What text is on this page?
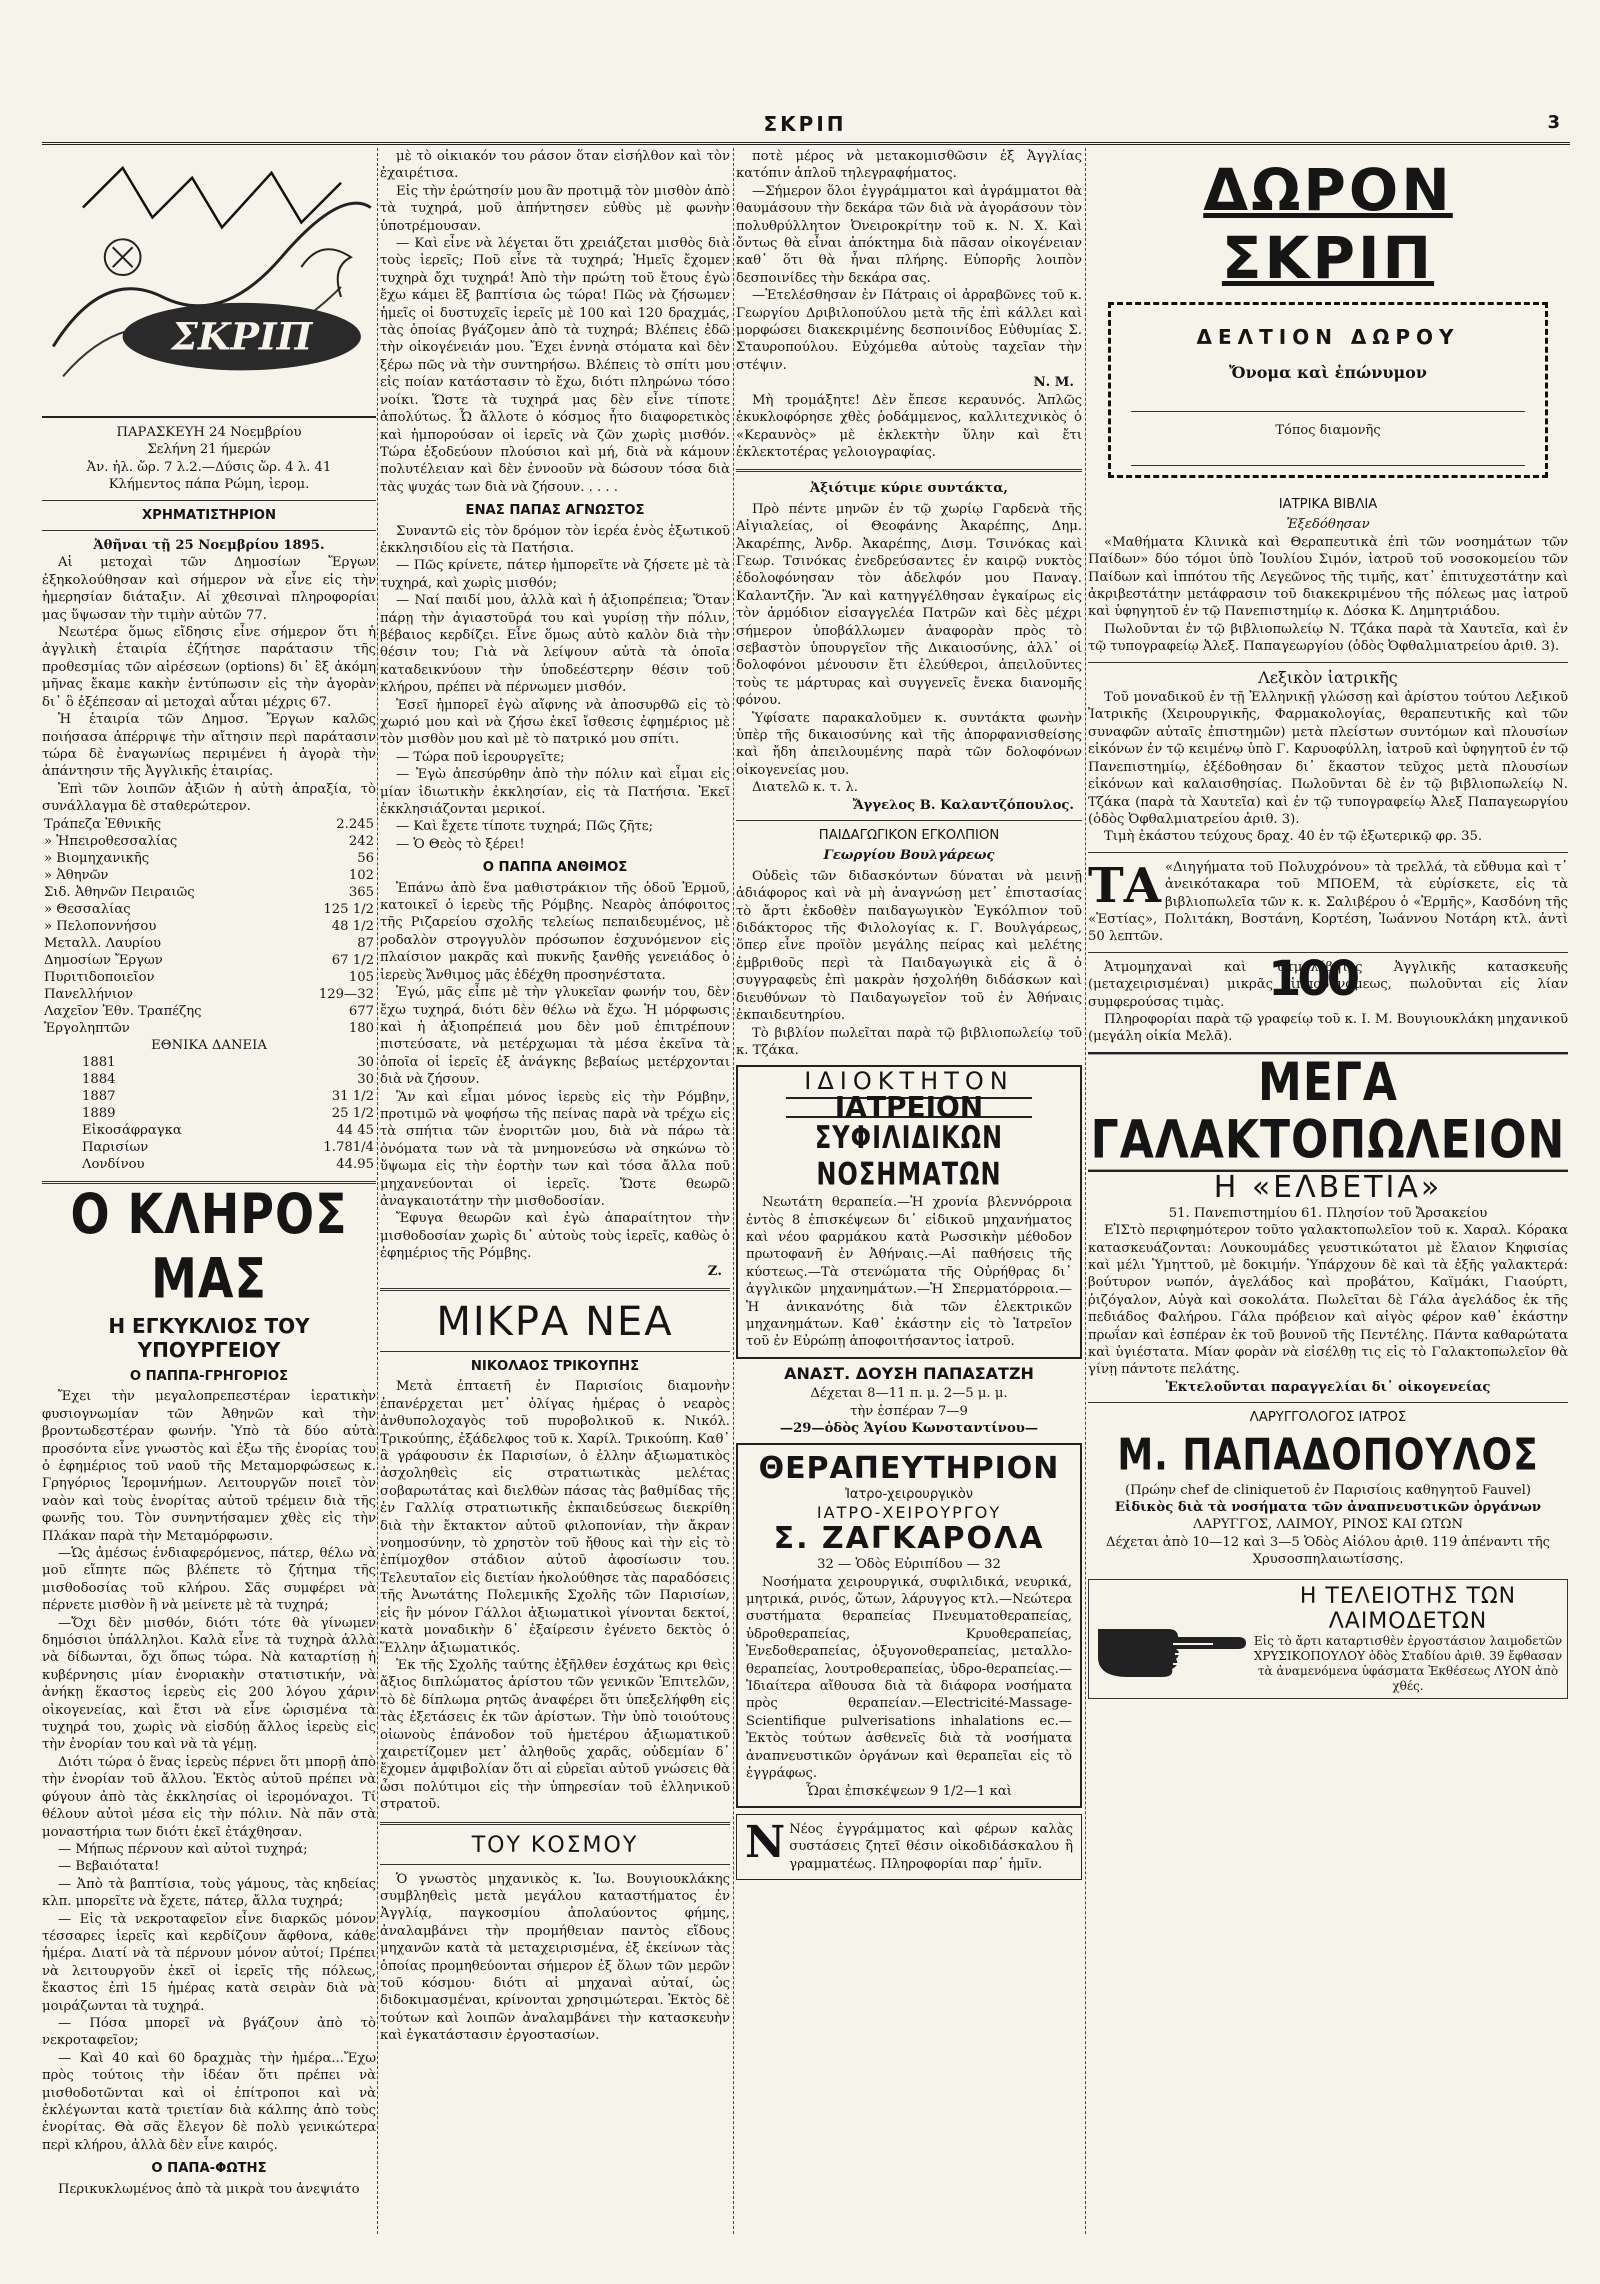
ΣΚΡΙΠ	3
ΣΚΡΙΠ

ΠΑΡΑΣΚΕΥΗ 24 Νοεμβρίου

Σελήνη 21 ήμερών

Ἀν. ἡλ. ὥρ. 7 λ.2.—Δύσις ὥρ. 4 λ. 41

Κλήμεντος πάπα Ρώμη, ἱερομ.

ΧΡΗΜΑΤΙΣΤΗΡΙΟΝ

Ἀθῆναι τῇ 25 Νοεμβρίου 1895.

Αἱ μετοχαὶ τῶν Δημοσίων Ἔργων ἐξηκολούθησαν καὶ σήμερον νὰ εἶνε εἰς τὴν ἡμερησίαν διάταξιν. Αἱ χθεσιναὶ πληροφορίαι μας ὕψωσαν τὴν τιμὴν αὐτῶν 77.

Νεωτέρα ὅμως εἴδησις εἶνε σήμερον ὅτι ἡ ἀγγλικὴ ἑταιρία ἐζήτησε παράτασιν τῆς προθεσμίας τῶν αἱρέσεων (options) δι᾽ ἓξ ἀκόμη μῆνας ἔκαμε κακὴν ἐντύπωσιν εἰς τὴν ἀγορὰν δι᾽ ὃ ἐξέπεσαν αἱ μετοχαὶ αὗται μέχρις 67.

Ἡ ἑταιρία τῶν Δημοσ. Ἔργων καλῶς ποιήσασα ἀπέρριψε τὴν αἴτησιν περὶ παράτασιν τώρα δὲ ἐναγωνίως περιμένει ἡ ἀγορὰ τὴν ἀπάντησιν τῆς Ἀγγλικῆς ἑταιρίας.

Ἐπὶ τῶν λοιπῶν ἀξιῶν ἡ αὐτὴ ἀπραξία, τὸ συνάλλαγμα δὲ σταθερώτερον.

Τράπεζα Ἐθνικῆς	2.245
» Ἠπειροθεσσαλίας	242
» Βιομηχανικῆς	56
» Ἀθηνῶν	102
Σιδ. Ἀθηνῶν Πειραιῶς	365
» Θεσσαλίας	125 1/2
» Πελοποννήσου	48 1/2
Μεταλλ. Λαυρίου	87
Δημοσίων Ἔργων	67 1/2
Πυριτιδοποιεῖον	105
Πανελλήνιον	129—32
Λαχεῖον Ἐθν. Τραπέζης	677
Ἐργοληπτῶν	180

ΕΘΝΙΚΑ ΔΑΝΕΙΑ

1881	30
1884	30
1887	31 1/2
1889	25 1/2
Εἰκοσάφραγκα	44 45
Παρισίων	1.781/4
Λονδίνου	44.95
Ο ΚΛΗΡΟΣ ΜΑΣ
Η ΕΓΚΥΚΛΙΟΣ ΤΟΥ ΥΠΟΥΡΓΕΙΟΥ

Ο ΠΑΠΠΑ-ΓΡΗΓΟΡΙΟΣ

Ἔχει τὴν μεγαλοπρεπεστέραν ἱερατικὴν φυσιογνωμίαν τῶν Ἀθηνῶν καὶ τὴν βροντωδεστέραν φωνήν. Ὑπὸ τὰ δύο αὐτὰ προσόντα εἶνε γνωστὸς καὶ ἐξω τῆς ἐνορίας του ὁ ἐφημέριος τοῦ ναοῦ τῆς Μεταμορφώσεως κ. Γρηγόριος Ἱερομνήμων. Λειτουργῶν ποιεῖ τὸν ναὸν καὶ τοὺς ἐνορίτας αὐτοῦ τρέμειν διὰ τῆς φωνῆς του. Τὸν συνηντήσαμεν χθὲς εἰς τὴν Πλάκαν παρὰ τὴν Μεταμόρφωσιν.

—Ὡς ἀμέσως ἐνδιαφερόμενος, πάτερ, θέλω νὰ μοῦ εἴπητε πῶς βλέπετε τὸ ζήτημα τῆς μισθοδοσίας τοῦ κλήρου. Σᾶς συμφέρει νὰ πέρνετε μισθὸν ἢ νὰ μείνετε μὲ τὰ τυχηρά;

—Ὄχι δὲν μισθόν, διότι τότε θὰ γίνωμεν δημόσιοι ὑπάλληλοι. Καλὰ εἶνε τὰ τυχηρὰ ἀλλὰ νὰ δίδωνται, ὄχι ὅπως τώρα. Νὰ καταρτίσῃ ἡ κυβέρνησις μίαν ἐνοριακὴν στατιστικήν, νὰ ἀνήκῃ ἕκαστος ἱερεὺς εἰς 200 λόγου χάριν οἰκογενείας, καὶ ἔτσι νὰ εἶνε ὡρισμένα τὰ τυχηρά του, χωρὶς νὰ εἰσδύῃ ἄλλος ἱερεὺς εἰς τὴν ἐνορίαν του καὶ νὰ τὰ γέμῃ.

Διότι τώρα ὁ ἕνας ἱερεὺς πέρνει ὅτι μπορῇ ἀπὸ τὴν ἐνορίαν τοῦ ἄλλου. Ἐκτὸς αὐτοῦ πρέπει νὰ φύγουν ἀπὸ τὰς ἐκκλησίας οἱ ἱερομόναχοι. Τί θέλουν αὐτοὶ μέσα εἰς τὴν πόλιν. Νὰ πᾶν στὰ μοναστήρια των διότι ἐκεῖ ἐτάχθησαν.

— Μήπως πέρνουν καὶ αὐτοὶ τυχηρά;

— Βεβαιότατα!

— Ἀπὸ τὰ βαπτίσια, τοὺς γάμους, τὰς κηδείας κλπ. μπορεῖτε νὰ ἔχετε, πάτερ, ἄλλα τυχηρά;

— Εἰς τὰ νεκροταφεῖον εἶνε διαρκῶς μόνον τέσσαρες ἱερεῖς καὶ κερδίζουν ἄφθονα, κάθε ἡμέρα. Διατί νὰ τὰ πέρνουν μόνον αὐτοί; Πρέπει νὰ λειτουργοῦν ἐκεῖ οἱ ἱερεῖς τῆς πόλεως, ἕκαστος ἐπὶ 15 ἡμέρας κατὰ σειρὰν διὰ νὰ μοιράζωνται τὰ τυχηρά.

— Πόσα μπορεῖ νὰ βγάζουν ἀπὸ τὸ νεκροταφεῖον;

— Καὶ 40 καὶ 60 δραχμὰς τὴν ἡμέρα...Ἔχω πρὸς τούτοις τὴν ἰδέαν ὅτι πρέπει νὰ μισθοδοτῶνται καὶ οἱ ἐπίτροποι καὶ νὰ ἐκλέγωνται κατὰ τριετίαν διὰ κάλπης ἀπὸ τοὺς ἐνορίτας. Θὰ σᾶς ἔλεγον δὲ πολὺ γενικώτερα περὶ κλήρου, ἀλλὰ δὲν εἶνε καιρός.

Ο ΠΑΠΑ-ΦΩΤΗΣ

Περικυκλωμένος ἀπὸ τὰ μικρὰ του ἀνεψιάτο

μὲ τὸ οἰκιακόν του ράσον ὅταν εἰσήλθον καὶ τὸν ἐχαιρέτισα.

Εἰς τὴν ἐρώτησίν μου ἂν προτιμᾷ τὸν μισθὸν ἀπὸ τὰ τυχηρά, μοῦ ἀπήντησεν εὐθὺς μὲ φωνὴν ὑποτρέμουσαν.

— Καὶ εἶνε νὰ λέγεται ὅτι χρειάζεται μισθὸς διὰ τοὺς ἱερεῖς; Ποῦ εἶνε τὰ τυχηρά; Ἡμεῖς ἔχομεν τυχηρὰ ὄχι τυχηρά! Ἀπὸ τὴν πρώτη τοῦ ἔτους ἐγὼ ἔχω κάμει ἓξ βαπτίσια ὡς τώρα! Πῶς νὰ ζήσωμεν ἡμεῖς οἱ δυστυχεῖς ἱερεῖς μὲ 100 καὶ 120 δραχμάς, τὰς ὁποίας βγάζομεν ἀπὸ τὰ τυχηρά; Βλέπεις ἐδῶ τὴν οἰκογένειάν μου. Ἔχει ἐννηὰ στόματα καὶ δὲν ξέρω πῶς νὰ τὴν συντηρήσω. Βλέπεις τὸ σπίτι μου εἰς ποίαν κατάστασιν τὸ ἔχω, διότι πληρώνω τόσο νοίκι. Ὥστε τὰ τυχηρά μας δὲν εἶνε τίποτε ἀπολύτως. Ὦ ἄλλοτε ὁ κόσμος ἦτο διαφορετικὸς καὶ ἡμπορούσαν οἱ ἱερεῖς νὰ ζῶν χωρὶς μισθόν. Τώρα ἐξοδεύουν πλούσιοι καὶ μή, διὰ νὰ κάμουν πολυτέλειαν καὶ δὲν ἐννοοῦν νὰ δώσουν τόσα διὰ τὰς ψυχάς των διὰ νὰ ζήσουν. . . . .

ΕΝΑΣ ΠΑΠΑΣ ΑΓΝΩΣΤΟΣ

Συναντῶ εἰς τὸν δρόμον τὸν ἱερέα ἑνὸς ἐξωτικοῦ ἐκκλησιδίου εἰς τὰ Πατήσια.

— Πῶς κρίνετε, πάτερ ἡμπορεῖτε νὰ ζήσετε μὲ τὰ τυχηρά, καὶ χωρὶς μισθόν;

— Ναί παιδί μου, ἀλλὰ καὶ ἡ ἀξιοπρέπεια; Ὅταν πάρῃ τὴν ἀγιαστοῦρά του καὶ γυρίσῃ τὴν πόλιν, βέβαιος κερδίζει. Εἶνε ὅμως αὐτὸ καλὸν διὰ τὴν θέσιν του; Γιὰ νὰ λείψουν αὐτὰ τὰ ὁποῖα καταδεικνύουν τὴν ὑποδεέστερην θέσιν τοῦ κλήρου, πρέπει νὰ πέρνωμεν μισθόν.

Ἐσεῖ ἡμπορεῖ ἐγὼ αἴφνης νὰ ἀποσυρθῶ εἰς τὸ χωριό μου καὶ νὰ ζήσω ἐκεῖ ἴσθεσις ἐφημέριος μὲ τὸν μισθὸν μου καὶ μὲ τὸ πατρικό μου σπίτι.

— Τώρα ποῦ ἱερουργεῖτε;

— Ἐγὼ ἀπεσύρθην ἀπὸ τὴν πόλιν καὶ εἶμαι εἰς μίαν ἰδιωτικὴν ἐκκλησίαν, εἰς τὰ Πατήσια. Ἐκεῖ ἐκκλησιάζονται μερικοί.

— Καὶ ἔχετε τίποτε τυχηρά; Πῶς ζῆτε;

— Ὁ Θεὸς τὸ ξέρει!

Ο ΠΑΠΠΑ ΑΝΘΙΜΟΣ

Ἐπάνω ἀπὸ ἕνα μαθιστράκιον τῆς ὁδοῦ Ἑρμοῦ, κατοικεῖ ὁ ἱερεὺς τῆς Ρόμβης. Νεαρὸς ἀπόφοιτος τῆς Ριζαρείου σχολῆς τελείως πεπαιδευμένος, μὲ ροδαλὸν στρογγυλὸν πρόσωπον ἐσχυνόμενον εἰς πλαίσιον μακρᾶς καὶ πυκνῆς ξανθῆς γενειάδος ὁ ἱερεὺς Ἄνθιμος μᾶς ἐδέχθη προσηνέστατα.

Ἐγώ, μᾶς εἶπε μὲ τὴν γλυκεῖαν φωνήν του, δὲν ἔχω τυχηρά, διότι δὲν θέλω νὰ ἔχω. Ἡ μόρφωσις καὶ ἡ ἀξιοπρέπειά μου δὲν μοῦ ἐπιτρέπουν πιστεύσατε, νὰ μετέρχωμαι τὰ μέσα ἐκεῖνα τὰ ὁποῖα οἱ ἱερεῖς ἐξ ἀνάγκης βεβαίως μετέρχονται διὰ νὰ ζήσουν.

Ἂν καὶ εἶμαι μόνος ἱερεὺς εἰς τὴν Ρόμβην, προτιμῶ νὰ ψοφήσω τῆς πείνας παρὰ νὰ τρέχω εἰς τὰ σπήτια τῶν ἐνοριτῶν μου, διὰ νὰ πάρω τὰ ὀνόματα των νὰ τὰ μνημονεύσω νὰ σηκώνω τὸ ὕψωμα εἰς τὴν ἑορτὴν των καὶ τόσα ἄλλα ποῦ μηχανεύονται οἱ ἱερεῖς. Ὥστε θεωρῶ ἀναγκαιοτάτην τὴν μισθοδοσίαν.

Ἔφυγα θεωρῶν καὶ ἐγὼ ἀπαραίτητον τὴν μισθοδοσίαν χωρὶς δι᾽ αὐτοὺς τοὺς ἱερεῖς, καθὼς ὁ ἐφημέριος τῆς Ρόμβης.

Ζ.

ΜΙΚΡΑ ΝΕΑ

ΝΙΚΟΛΑΟΣ ΤΡΙΚΟΥΠΗΣ

Μετὰ ἐπταετῆ ἐν Παρισίοις διαμονὴν ἐπανέρχεται μετ᾽ ὀλίγας ἡμέρας ὁ νεαρὸς ἀνθυπολοχαγὸς τοῦ πυροβολικοῦ κ. Νικόλ. Τρικούπης, ἐξάδελφος τοῦ κ. Χαρίλ. Τρικούπη. Καθ᾽ ἃ γράφουσιν ἐκ Παρισίων, ὁ ἐλλην ἀξιωματικὸς ἀσχοληθεὶς εἰς στρατιωτικὰς μελέτας σοβαρωτάτας καὶ διελθὼν πάσας τὰς βαθμίδας τῆς ἐν Γαλλίᾳ στρατιωτικῆς ἐκπαιδεύσεως διεκρίθη διὰ τὴν ἔκτακτον αὐτοῦ φιλοπονίαν, τὴν ἄκραν νοημοσύνην, τὸ χρηστὸν τοῦ ἤθους καὶ τὴν εἰς τὸ ἐπίμοχθον στάδιον αὐτοῦ ἀφοσίωσιν του. Τελευταῖον εἰς διετίαν ἠκολούθησε τὰς παραδόσεις τῆς Ἀνωτάτης Πολεμικῆς Σχολῆς τῶν Παρισίων, εἰς ἣν μόνον Γάλλοι ἀξιωματικοὶ γίνονται δεκτοί, κατὰ μοναδικὴν δ᾽ ἐξαίρεσιν ἐγένετο δεκτὸς ὁ Ἕλλην ἀξιωματικός.

Ἐκ τῆς Σχολῆς ταύτης ἐξῆλθεν ἐσχάτως κρι θεὶς ἄξιος διπλώματος ἀρίστου τῶν γενικῶν Ἐπιτελῶν, τὸ δὲ δίπλωμα ρητῶς ἀναφέρει ὅτι ὑπεξελήφθη εἰς τὰς ἐξετάσεις ἐκ τῶν ἀρίστων. Τὴν ὑπὸ τοιούτους οἰωνοὺς ἐπάνοδον τοῦ ἡμετέρου ἀξιωματικοῦ χαιρετίζομεν μετ᾽ ἀληθοῦς χαρᾶς, οὐδεμίαν δ᾽ ἔχομεν ἀμφιβολίαν ὅτι αἱ εὐρεῖαι αὐτοῦ γνώσεις θὰ ὦσι πολύτιμοι εἰς τὴν ὑπηρεσίαν τοῦ ἑλληνικοῦ στρατοῦ.

ΤΟΥ ΚΟΣΜΟΥ

Ὁ γνωστὸς μηχανικὸς κ. Ἰω. Βουγιουκλάκης συμβληθεὶς μετὰ μεγάλου καταστήματος ἐν Ἀγγλίᾳ, παγκοσμίου ἀπολαύοντος φήμης, ἀναλαμβάνει τὴν προμήθειαν παντὸς εἴδους μηχανῶν κατὰ τὰ μεταχειρισμένα, ἐξ ἐκείνων τὰς ὁποίας προμηθεύονται σήμερον ἐξ ὅλων τῶν μερῶν τοῦ κόσμου· διότι αἱ μηχαναὶ αὐταί, ὡς διδοκιμασμέναι, κρίνονται χρησιμώτεραι. Ἐκτὸς δὲ τούτων καὶ λοιπῶν ἀναλαμβάνει τὴν κατασκευὴν καὶ ἐγκατάστασιν ἐργοστασίων.

ποτὲ μέρος νὰ μετακομισθῶσιν ἐξ Ἀγγλίας κατόπιν ἁπλοῦ τηλεγραφήματος.

—Σήμερον ὅλοι ἐγγράμματοι καὶ ἀγράμματοι θὰ θαυμάσουν τὴν δεκάρα τῶν διὰ νὰ ἀγοράσουν τὸν πολυθρύλλητον Ὀνειροκρίτην τοῦ κ. Ν. Χ. Καὶ ὄντως θὰ εἶναι ἀπόκτημα διὰ πᾶσαν οἰκογένειαν καθ᾽ ὅτι θὰ ἦναι πλήρης. Εὐπορῆς λοιπὸν δεσποινίδες τὴν δεκάρα σας.

—Ἐτελέσθησαν ἐν Πάτραις οἱ ἀρραβῶνες τοῦ κ. Γεωργίου Δριβιλοπούλου μετὰ τῆς ἐπὶ κάλλει καὶ μορφώσει διακεκριμένης δεσποινίδος Εὐθυμίας Σ. Σταυροπούλου. Εὐχόμεθα αὐτοὺς ταχεῖαν τὴν στέψιν.

Ν. Μ.

Μὴ τρομάξητε! Δὲν ἔπεσε κεραυνός. Ἁπλῶς ἐκυκλοφόρησε χθὲς ῥοδάμμενος, καλλιτεχνικὸς ὁ «Κεραυνὸς» μὲ ἐκλεκτὴν ὕλην καὶ ἔτι ἐκλεκτοτέρας γελοιογραφίας.

Ἀξιότιμε κύριε συντάκτα,

Πρὸ πέντε μηνῶν ἐν τῷ χωρίῳ Γαρδενὰ τῆς Αἰγιαλείας, οἱ Θεοφάνης Ἀκαρέπης, Δημ. Ἀκαρέπης, Ἀνδρ. Ἀκαρέπης, Δισμ. Τσινόκας καὶ Γεωρ. Τσινόκας ἐνεδρεύσαντες ἐν καιρῷ νυκτὸς ἐδολοφόνησαν τὸν ἀδελφόν μου Παναγ. Καλαντζῆν. Ἂν καὶ κατηγγέλθησαν ἐγκαίρως εἰς τὸν ἀρμόδιον εἰσαγγελέα Πατρῶν καὶ δὲς μέχρι σήμερον ὑποβάλλωμεν ἀναφορὰν πρὸς τὸ σεβαστὸν ὑπουργεῖον τῆς Δικαιοσύνης, ἀλλ᾽ οἱ δολοφόνοι μένουσιν ἔτι ἐλεύθεροι, ἀπειλοῦντες τοὺς τε μάρτυρας καὶ συγγενεῖς ἔνεκα διανομῆς φόνου.

Ὑφίσατε παρακαλοῦμεν κ. συντάκτα φωνὴν ὑπὲρ τῆς δικαιοσύνης καὶ τῆς ἀπορφανισθείσης καὶ ἤδη ἀπειλουμένης παρὰ τῶν δολοφόνων οἰκογενείας μου.

Διατελῶ κ. τ. λ.

Ἄγγελος Β. Καλαντζόπουλος.

ΠΑΙΔΑΓΩΓΙΚΟΝ ΕΓΚΟΛΠΙΟΝ

Γεωργίου Βουλγάρεως

Οὐδεὶς τῶν διδασκόντων δύναται νὰ μεινῇ ἀδιάφορος καὶ νὰ μὴ ἀναγνώσῃ μετ᾽ ἐπιστασίας τὸ ἄρτι ἐκδοθὲν παιδαγωγικὸν Ἐγκόλπιον τοῦ διδάκτορος τῆς Φιλολογίας κ. Γ. Βουλγάρεως, ὅπερ εἶνε προϊὸν μεγάλης πείρας καὶ μελέτης ἐμβριθοῦς περὶ τὰ Παιδαγωγικὰ εἰς ἃ ὁ συγγραφεὺς ἐπὶ μακρὰν ἠσχολήθη διδάσκων καὶ διευθύνων τὸ Παιδαγωγεῖον τοῦ ἐν Ἀθήναις ἐκπαιδευτηρίου.

Τὸ βιβλίον πωλεῖται παρὰ τῷ βιβλιοπωλείῳ τοῦ κ. Τζάκα.

ΙΔΙΟΚΤΗΤΟΝ
ΙΑΤΡΕΙΟΝ
ΣΥΦΙΛΙΔΙΚΩΝ ΝΟΣΗΜΑΤΩΝ

Νεωτάτη θεραπεία.—Ἡ χρονία βλεννόρροια ἐντὸς 8 ἐπισκέψεων δι᾽ εἰδικοῦ μηχανήματος καὶ νέου φαρμάκου κατὰ Ρωσσικὴν μέθοδον πρωτοφανῆ ἐν Ἀθήναις.—Αἱ παθήσεις τῆς κύστεως.—Τὰ στενώματα τῆς Οὐρήθρας δι᾽ ἀγγλικῶν μηχανημάτων.—Ἡ Σπερματόρροια.—Ἡ ἀνικανότης διὰ τῶν ἐλεκτρικῶν μηχανημάτων. Καθ᾽ ἑκάστην εἰς τὸ Ἰατρεῖον τοῦ ἐν Εὐρώπῃ ἀποφοιτήσαντος ἰατροῦ.

ΑΝΑΣΤ. ΔΟΥΣΗ ΠΑΠΑΣΑΤΖΗ

Δέχεται 8—11 π. μ. 2—5 μ. μ.

τὴν ἑσπέραν 7—9

—29—ὁδὸς Ἁγίου Κωνσταντίνου—

ΘΕΡΑΠΕΥΤΗΡΙΟΝ
Ἰατρο-χειρουργικὸν
ΙΑΤΡΟ-ΧΕΙΡΟΥΡΓΟΥ
Σ. ΖΑΓΚΑΡΟΛΑ

32 — Ὁδὸς Εὐριπίδου — 32

Νοσήματα χειρουργικά, συφιλιδικά, νευρικά, μητρικά, ρινός, ὤτων, λάρυγγος κτλ.—Νεώτερα συστήματα θεραπείας Πνευματοθεραπείας, ὑδροθεραπείας, Κρυοθεραπείας, Ἐνεδοθεραπείας, ὀξυγονοθεραπείας, μεταλλο-θεραπείας, λουτροθεραπείας, ὑδρο-θεραπείας.—Ἰδιαίτερα αἴθουσα διὰ τὰ διάφορα νοσήματα πρὸς θεραπείαν.—Electricité-Massage-Scientifique pulverisations inhalations ec.—Ἐκτὸς τούτων ἀσθενεῖς διὰ τὰ νοσήματα ἀναπνευστικῶν ὀργάνων καὶ θεραπεῖαι εἰς τὸ ἐγγράφως.

Ὧραι ἐπισκέψεων 9 1/2—1 καὶ

Ν Νέος ἐγγράμματος καὶ φέρων καλὰς συστάσεις ζητεῖ θέσιν οἰκοδιδάσκαλου ἢ γραμματέως. Πληροφορίαι παρ᾽ ἡμῖν.

ΔΩΡΟΝ ΣΚΡΙΠ
ΔΕΛΤΙΟΝ ΔΩΡΟΥ
Ὄνομα καὶ ἐπώνυμον
Τόπος διαμονῆς

ΙΑΤΡΙΚΑ ΒΙΒΛΙΑ

Ἐξεδόθησαν

«Μαθήματα Κλινικὰ καὶ Θεραπευτικὰ ἐπὶ τῶν νοσημάτων τῶν Παίδων» δύο τόμοι ὑπὸ Ἰουλίου Σιμόν, ἰατροῦ τοῦ νοσοκομείου τῶν Παίδων καὶ ἱππότου τῆς Λεγεῶνος τῆς τιμῆς, κατ᾽ ἐπιτυχεστάτην καὶ ἀκριβεστάτην μετάφρασιν τοῦ διακεκριμένου τῆς πόλεως μας ἰατροῦ καὶ ὑφηγητοῦ ἐν τῷ Πανεπιστημίῳ κ. Δόσκα Κ. Δημητριάδου.

Πωλοῦνται ἐν τῷ βιβλιοπωλείῳ Ν. Τζάκα παρὰ τὰ Χαυτεῖα, καὶ ἐν τῷ τυπογραφείῳ Ἀλεξ. Παπαγεωργίου (ὁδὸς Ὀφθαλμιατρείου ἀριθ. 3).

Λεξικὸν ἰατρικῆς

Τοῦ μοναδικοῦ ἐν τῇ Ἑλληνικῇ γλώσσῃ καὶ ἀρίστου τούτου Λεξικοῦ Ἰατρικῆς (Χειρουργικῆς, Φαρμακολογίας, θεραπευτικῆς καὶ τῶν συναφῶν αὐταῖς ἐπιστημῶν) μετὰ πλείστων συντόμων καὶ πλουσίων εἰκόνων ἐν τῷ κειμένῳ ὑπὸ Γ. Καρυοφύλλη, ἰατροῦ καὶ ὑφηγητοῦ ἐν τῷ Πανεπιστημίῳ, ἐξέδοθησαν δι᾽ ἕκαστον τεῦχος μετὰ πλουσίων εἰκόνων καὶ καλαισθησίας. Πωλοῦνται δὲ ἐν τῷ βιβλιοπωλείῳ Ν. Τζάκα (παρὰ τὰ Χαυτεῖα) καὶ ἐν τῷ τυπογραφείῳ Ἀλεξ Παπαγεωργίου (ὁδὸς Ὀφθαλμιατρείου ἀριθ. 3).

Τιμὴ ἑκάστου τεύχους δραχ. 40 ἐν τῷ ἐξωτερικῷ φρ. 35.

ΤΑ «Διηγήματα τοῦ Πολυχρόνου» τὰ τρελλά, τὰ εὔθυμα καὶ τ᾽ ἀνεικότακαρα τοῦ ΜΠΟΕΜ, τὰ εὑρίσκετε, εἰς τὰ βιβλιοπωλεῖα τῶν κ. κ. Σαλιβέρου ὁ «Ἑρμῆς», Κασδόνη τῆς «Ἑστίας», Πολιτάκη, Βοστάνη, Κορτέση, Ἰωάννου Νοτάρη κτλ. ἀντὶ 50 λεπτῶν.

Ἀτμομηχαναὶ καὶ ἀτμολέβητες Ἀγγλικῆς κατασκευῆς (μεταχειρισμέναι) μικρᾶς ἱπποδυνάμεως, πωλοῦνται εἰς λίαν συμφερούσας τιμὰς. 100

Πληροφορίαι παρὰ τῷ γραφείῳ τοῦ κ. Ι. Μ. Βουγιουκλάκη μηχανικοῦ (μεγάλη οἰκία Μελᾶ).

ΜΕΓΑ ΓΑΛΑΚΤΟΠΩΛΕΙΟΝ
Η «ΕΛΒΕΤΙΑ»

51. Πανεπιστημίου 61. Πλησίον τοῦ Ἄρσακείου

ΕἸΣτὸ περιφημότερον τοῦτο γαλακτοπωλεῖον τοῦ κ. Χαραλ. Κόρακα κατασκευάζονται: Λουκουμάδες γευστικώτατοι μὲ ἔλαιον Κηφισίας καὶ μέλι Ὑμηττοῦ, μὲ δοκιμήν. Ὑπάρχουν δὲ καὶ τὰ ἐξῆς γαλακτερά: βούτυρον νωπόν, ἀγελάδος καὶ προβάτου, Καϊμάκι, Γιαούρτι, ῥιζόγαλον, Αὐγὰ καὶ σοκολάτα. Πωλεῖται δὲ Γάλα ἀγελάδος ἐκ τῆς πεδιάδος Φαλήρου. Γάλα πρόβειον καὶ αἰγὸς φέρον καθ᾽ ἑκάστην πρωΐαν καὶ ἑσπέραν ἐκ τοῦ βουνοῦ τῆς Πεντέλης. Πάντα καθαρώτατα καὶ ὑγιέστατα. Μίαν φορὰν νὰ εἰσέλθῃ τις εἰς τὸ Γαλακτοπωλεῖον θὰ γίνῃ πάντοτε πελάτης.

Ἐκτελοῦνται παραγγελίαι δι᾽ οἰκογενείας

ΛΑΡΥΓΓΟΛΟΓΟΣ ΙΑΤΡΟΣ

Μ. ΠΑΠΑΔΟΠΟΥΛΟΣ

(Πρώην chef de cliniqueτοῦ ἐν Παρισίοις καθηγητοῦ Fauvel)

Εἰδικὸς διὰ τὰ νοσήματα τῶν ἀναπνευστικῶν ὀργάνων

ΛΑΡΥΓΓΟΣ, ΛΑΙΜΟΥ, ΡΙΝΟΣ ΚΑΙ ΩΤΩΝ

Δέχεται ἀπὸ 10—12 καὶ 3—5 Ὁδὸς Αἰόλου ἀριθ. 119 ἀπέναντι τῆς Χρυσοσπηλαιωτίσσης.

Η ΤΕΛΕΙΟΤΗΣ ΤΩΝ ΛΑΙΜΟΔΕΤΩΝ

Εἰς τὸ ἄρτι καταρτισθὲν ἐργοστάσιον λαιμοδετῶν ΧΡΥΣΙΚΟΠΟΥΛΟΥ ὁδὸς Σταδίου ἀριθ. 39 ἔφθασαν τὰ ἀναμενόμενα ὑφάσματα Ἐκθέσεως ΛΥΟΝ ἀπὸ χθές.
